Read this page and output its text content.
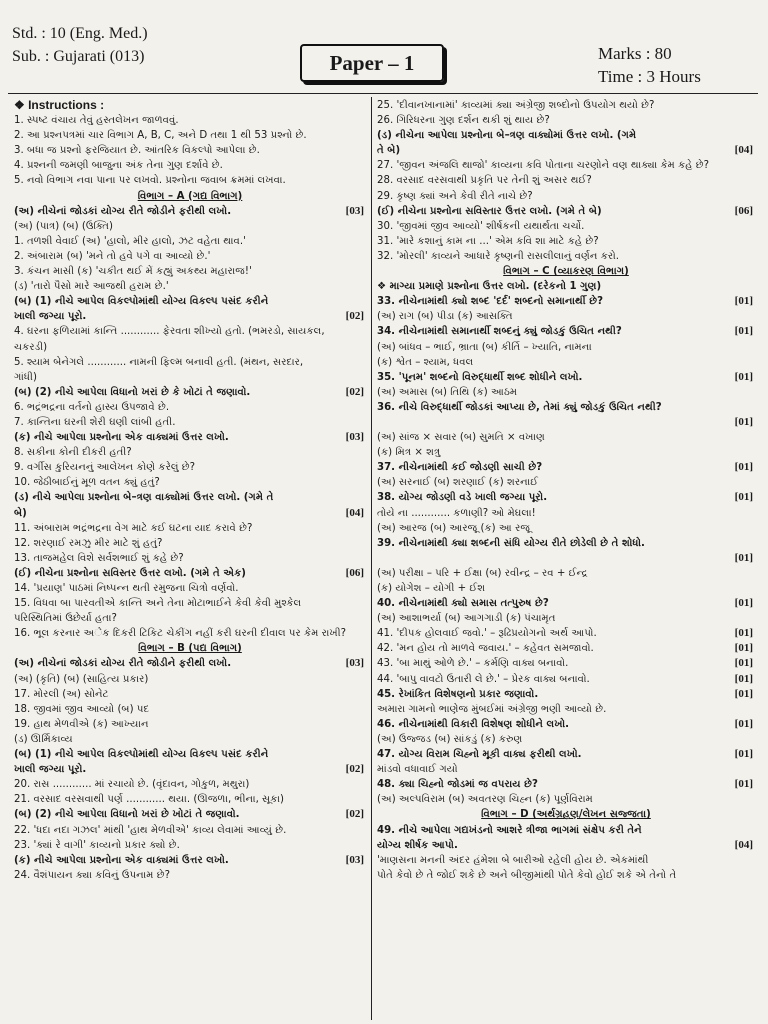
Std. : 10 (Eng. Med.)
Sub. : Gujarati (013)	Paper – 1	Marks : 80
Time : 3 Hours
❖ Instructions :
1. સ્પષ્ટ વંચાય તેવું હસ્તલેખન જાળવવું.
2. આ પ્રશ્નપત્રમાં ચાર વિભાગ A, B, C, અને D તથા 1 થી 53 પ્રશ્નો છે.
3. બધા જ પ્રશ્નો ફરજિયાત છે. આંતરિક વિકલ્પો આપેલા છે.
4. પ્રશ્નની જમણી બાજુના અંક તેના ગુણ દર્શાવે છે.
5. નવો વિભાગ નવા પાના પર લખવો. પ્રશ્નોના જવાબ ક્રમમાં લખવા.
વિભાગ – A (ગદ્ય વિભાગ)
(અ) નીચેનાં જોડકાં યોગ્ય રીતે જોડીને ફરીથી લખો.	[03]
(અ) (પાત્ર) (બ) (ઉક્તિ)
1. તળશી વેવાઈ (અ) 'હાલો, મીર હાલો, ઝટ વહેતા થાવ.'
2. અંબારામ (બ) 'મને તો હવે પગે વા આવ્યો છે.'
3. કંચન માસી (ક) 'ચકીત થઈ મેં કહ્યું અકથ્ય મહારાજ!'
(ડ) 'તારો પૈસો મારે આજથી હરામ છે.'
(બ) (1) નીચે આપેલ વિકલ્પોમાંથી યોગ્ય વિકલ્પ પસંદ કરીને
ખાલી જગ્યા પૂરો.	[02]
4. ઘરના ફળિયામાં કાન્તિ ............ ફેરવતા શીખ્યો હતો. (ભમરડો, સાયકલ,
ચકરડી)
5. શ્યામ બેનેગલે ............ નામની ફિલ્મ બનાવી હતી. (મંથન, સરદાર,
ગાંધી)
(બ) (2) નીચે આપેલા વિધાનો ખરાં છે કે ખોટાં તે જણાવો.	[02]
6. ભદ્રંભદ્રના વર્તનો હાસ્ય ઉપજાવે છે.
7. કાન્તિના ઘરની શેરી ઘણી લાંબી હતી.
(ક) નીચે આપેલા પ્રશ્નોના એક વાક્યમાં ઉત્તર લખો.	[03]
8. સકીના કોની દીકરી હતી?
9. વર્ગીસ કુરિયનનું આલેખન કોણે કરેલું છે?
10. જેઠીબાઈનું મૂળ વતન ક્યું હતું?
(ડ) નીચે આપેલા પ્રશ્નોના બે–ત્રણ વાક્યોમાં ઉત્તર લખો. (ગમે તે
બે)	[04]
11. અંબારામ ભદ્રંભદ્રના વેગ માટે કઈ ઘટના યાદ કરાવે છે?
12. શરણાઈ રમઝુ મીર માટે શું હતું?
13. તાજમહેલ વિશે સર્વશભાઈ શું કહે છે?
(ઈ) નીચેના પ્રશ્નોના સવિસ્તર ઉત્તર લખો. (ગમે તે એક)	[06]
14. 'પ્રયાણ' પાઠમાં નિષ્પન્ન થતી રમુજના ચિત્રો વર્ણવો.
15. વિધવા બા પારવતીએ કાન્તિ અને તેના મોટાભાઈને કેવી કેવી મુશ્કેલ
પરિસ્થિતિમાં ઉછેર્યા હતા?
16. ભૂલ કરનાર અેક દિકરી ટિકિટ ચેકીંગ નહીં કરી ઘરની દીવાલ પર કેમ રાખી?
વિભાગ – B (પદ્ય વિભાગ)
(અ) નીચેનાં જોડકાં યોગ્ય રીતે જોડીને ફરીથી લખો.	[03]
(અ) (કૃતિ) (બ) (સાહિત્ય પ્રકાર)
17. મોરલી (અ) સોનેટ
18. જીવમાં જીવ આવ્યો (બ) પદ
19. હાથ મેળવીએ (ક) આખ્યાન
(ડ) ઊર્મિકાવ્ય
(બ) (1) નીચે આપેલ વિકલ્પોમાંથી યોગ્ય વિકલ્પ પસંદ કરીને
ખાલી જગ્યા પૂરો.	[02]
20. રાસ ............ માં રચાયો છે. (વૃંદાવન, ગોકુળ, મથુરા)
21. વરસાદ વરસવાથી પર્ણ ............ થયા. (ઊજળા, ભીના, સૂકા)
(બ) (2) નીચે આપેલા વિધાનો ખરાં છે ખોટાં તે જણાવો.	[02]
22. 'ધદા નદા ગઝલ' માંથી 'હાથ મેળવીએ' કાવ્ય લેવામાં આવ્યું છે.
23. 'ક્યાં રે વાગી' કાવ્યનો પ્રકાર ક્યો છે.
(ક) નીચે આપેલા પ્રશ્નોના એક વાક્યમાં ઉત્તર લખો.	[03]
24. વૈશંપાયન ક્યા કવિનું ઉપનામ છે?
25. 'દીવાનખાનામાં' કાવ્યમાં ક્યા અંગ્રેજી શબ્દોનો ઉપયોગ થયો છે?
26. ગિરિધરના ગુણ દર્શન થકી શું થાય છે?
(ડ) નીચેના આપેલા પ્રશ્નોના બે–ત્રણ વાક્યોમાં ઉત્તર લખો. (ગમે
તે બે)	[04]
27. 'જીવન અંજલિ થાજો' કાવ્યના કવિ પોતાના ચરણોને વણ થાક્યા કેમ કહે છે?
28. વરસાદ વરસવાથી પ્રકૃતિ પર તેની શું અસર થઈ?
29. કૃષ્ણ ક્યાં અને કેવી રીતે નાચે છે?
(ઈ) નીચેના પ્રશ્નોના સવિસ્તાર ઉત્તર લખો. (ગમે તે બે)	[06]
30. 'જીવમાં જીવ આવ્યો' શીર્ષકની યથાર્થતા ચર્ચો.
31. 'મારે કશાનું કામ ના ...' એમ કવિ શા માટે કહે છે?
32. 'મોરલી' કાવ્યને આધારે કૃષ્ણની રાસલીલાનું વર્ણન કરો.
વિભાગ – C (વ્યાકરણ વિભાગ)
❖ માગ્યા પ્રમાણે પ્રશ્નોના ઉત્તર લખો. (દરેકનો 1 ગુણ)
33. નીચેનામાંથી ક્યો શબ્દ 'દર્દ' શબ્દનો સમાનાર્થી છે?	[01]
(અ) રાગ (બ) પીડા (ક) આસક્તિ
34. નીચેનામાંથી સમાનાર્થી શબ્દનું ક્યું જોડકું ઉચિત નથી?	[01]
(અ) બાંધવ – ભાઈ, ભ્રાતા (બ) કીર્તિ – ખ્યાતિ, નામના
(ક) શ્વેત – શ્યામ, ધવલ
35. 'પૂનમ' શબ્દનો વિરુદ્ધાર્થી શબ્દ શોધીને લખો.	[01]
(અ) અમાસ (બ) તિથિ (ક) આઠમ
36. નીચે વિરુદ્ધાર્થી જોડકાં આપ્યા છે, તેમાં ક્યું જોડકું ઉચિત નથી?
[01]
(અ) સાંજ × સવાર (બ) સુમતિ × વખાણ
(ક) મિત્ર × શત્રુ
37. નીચેનામાંથી કઈ જોડણી સાચી છે?	[01]
(અ) સરનાઈ (બ) શરણાઈ (ક) શરનાઈ
38. યોગ્ય જોડણી વડે ખાલી જગ્યા પૂરો.	[01]
તોયે ના ............ કળાણી? ઓ મેઘલા!
(અ) આરજ (બ) આરજૂ (ક) આ રજૂ
39. નીચેનામાંથી ક્યા શબ્દની સંધિ યોગ્ય રીતે છોડેલી છે તે શોધો.
[01]
(અ) પરીક્ષા – પરિ + ઈક્ષા (બ) રવીન્દ્ર – રવ + ઈન્દ્ર
(ક) યોગેશ – યોગી + ઈશ
40. નીચેનામાંથી ક્યો સમાસ તત્પુરુષ છે?	[01]
(અ) આશાભર્યા (બ) આગગાડી (ક) પંચામૃત
41. 'દીપક હોલવાઈ જવો.' – રૂઢિપ્રયોગનો અર્થ આપો.	[01]
42. 'મન હોય તો માળવે જવાય.' – કહેવત સમજાવો.	[01]
43. 'બા માથું ઓળે છે.' – કર્મણિ વાક્ય બનાવો.	[01]
44. 'બાપુ વાવટો ઉતારી લે છે.' – પ્રેરક વાક્ય બનાવો.	[01]
45. રેખાંકિત વિશેષણનો પ્રકાર જણાવો.	[01]
અમારા ગામનો ભાણેજ મુંબઈમાં અંગ્રેજી ભણી આવ્યો છે.
46. નીચેનામાંથી વિકારી વિશેષણ શોધીને લખો.	[01]
(અ) ઉજ્જડ (બ) સાંકડું (ક) કરુણ
47. યોગ્ય વિરામ ચિહ્નો મૂકી વાક્ય ફરીથી લખો.	[01]
માંડવો વધાવાઈ ગયો
48. ક્યા ચિહ્નો જોડમાં જ વપરાય છે?	[01]
(અ) અલ્પવિરામ (બ) અવતરણ ચિહ્ન (ક) પૂર્ણવિરામ
વિભાગ – D (અર્થગ્રહણ/લેખન સજ્જતા)
49. નીચે આપેલા ગદ્યખંડનો આશરે ત્રીજા ભાગમાં સંક્ષેપ કરી તેને
યોગ્ય શીર્ષક આપો.	[04]
'માણસના મનની અંદર હંમેશા બે બારીઓ રહેલી હોય છે. એકમાંથી
પોતે કેવો છે તે જોઈ શકે છે અને બીજીમાંથી પોતે કેવો હોઈ શકે એ તેનો તે
